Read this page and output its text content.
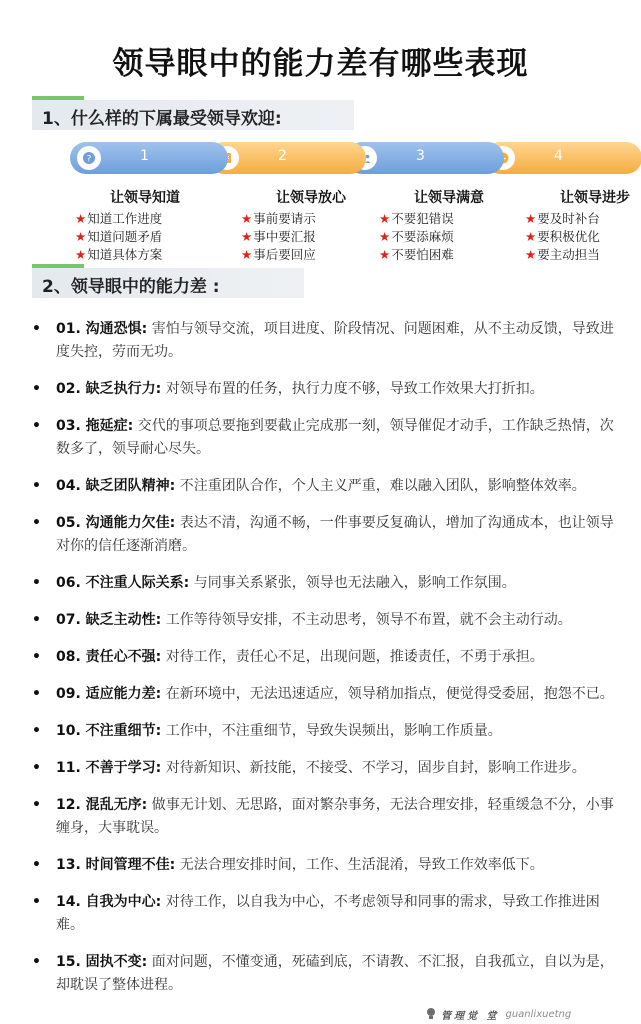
领导眼中的能力差有哪些表现
1、什么样的下属最受领导欢迎:
?	1	2	3	4
让领导知道
★知道工作进度
★知道问题矛盾
★知道具体方案
让领导放心
★事前要请示
★事中要汇报
★事后要回应
让领导满意
★不要犯错误
★不要添麻烦
★不要怕困难
让领导进步
★要及时补台
★要积极优化
★要主动担当
2、领导眼中的能力差 :
• 01. 沟通恐惧: 害怕与领导交流，项目进度、阶段情况、问题困难，从不主动反馈，导致进度失控，劳而无功。
• 02. 缺乏执行力: 对领导布置的任务，执行力度不够，导致工作效果大打折扣。
• 03. 拖延症: 交代的事项总要拖到要截止完成那一刻，领导催促才动手，工作缺乏热情，次数多了，领导耐心尽失。
• 04. 缺乏团队精神: 不注重团队合作，个人主义严重，难以融入团队，影响整体效率。
• 05. 沟通能力欠佳: 表达不清，沟通不畅，一件事要反复确认，增加了沟通成本，也让领导对你的信任逐渐消磨。
• 06. 不注重人际关系: 与同事关系紧张，领导也无法融入，影响工作氛围。
• 07. 缺乏主动性: 工作等待领导安排，不主动思考，领导不布置，就不会主动行动。
• 08. 责任心不强: 对待工作，责任心不足，出现问题，推诿责任，不勇于承担。
• 09. 适应能力差: 在新环境中，无法迅速适应，领导稍加指点，便觉得受委屈，抱怨不已。
• 10. 不注重细节: 工作中，不注重细节，导致失误频出，影响工作质量。
• 11. 不善于学习: 对待新知识、新技能，不接受、不学习，固步自封，影响工作进步。
• 12. 混乱无序: 做事无计划、无思路，面对繁杂事务，无法合理安排，轻重缓急不分，小事缠身，大事耽误。
• 13. 时间管理不佳: 无法合理安排时间，工作、生活混淆，导致工作效率低下。
• 14. 自我为中心: 对待工作，以自我为中心，不考虑领导和同事的需求，导致工作推进困难。
• 15. 固执不变: 面对问题，不懂变通，死磕到底，不请教、不汇报，自我孤立，自以为是，却耽误了整体进程。
管理觉 堂 guanlixuetng
